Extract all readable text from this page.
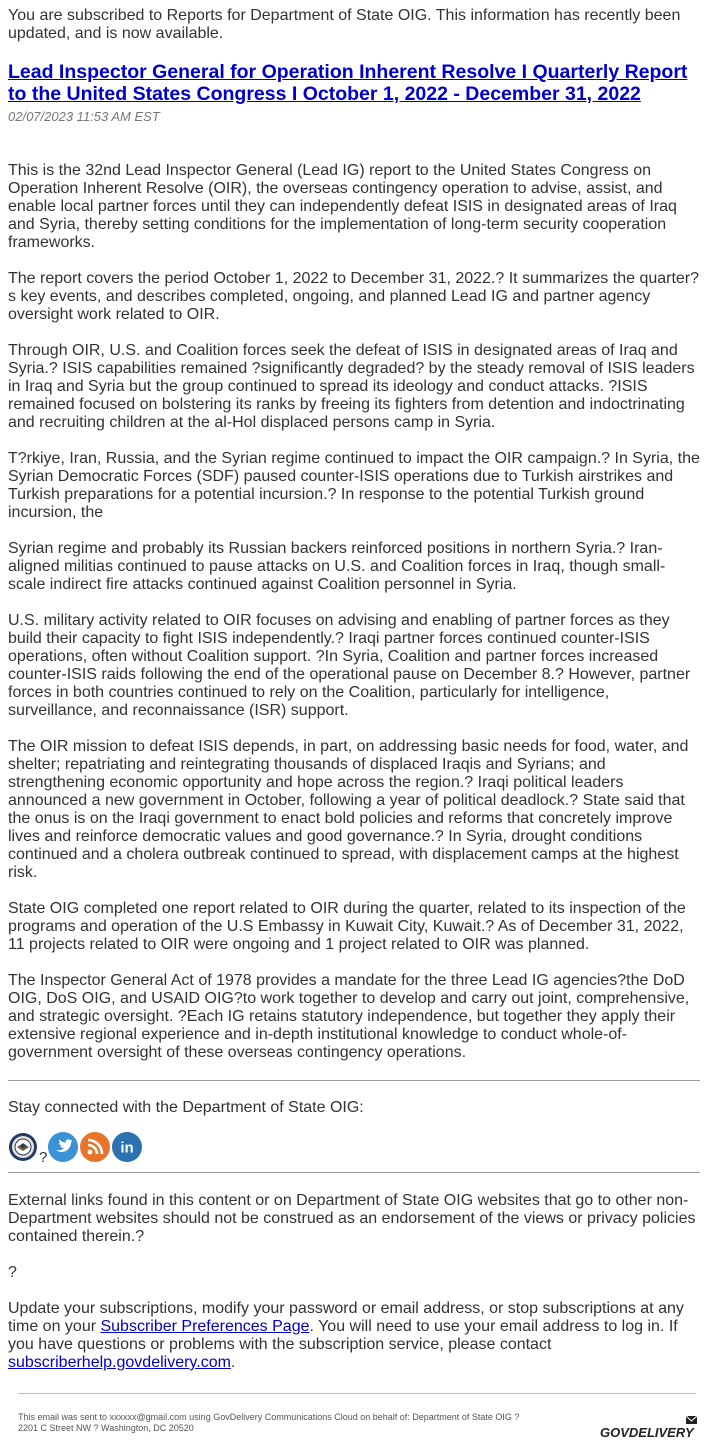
You are subscribed to Reports for Department of State OIG. This information has recently been updated, and is now available.

Lead Inspector General for Operation Inherent Resolve I Quarterly Report to the United States Congress I October 1, 2022 - December 31, 2022
02/07/2023 11:53 AM EST

This is the 32nd Lead Inspector General (Lead IG) report to the United States Congress on Operation Inherent Resolve (OIR), the overseas contingency operation to advise, assist, and enable local partner forces until they can independently defeat ISIS in designated areas of Iraq and Syria, thereby setting conditions for the implementation of long-term security cooperation frameworks.

The report covers the period October 1, 2022 to December 31, 2022.? It summarizes the quarter?s key events, and describes completed, ongoing, and planned Lead IG and partner agency oversight work related to OIR.

Through OIR, U.S. and Coalition forces seek the defeat of ISIS in designated areas of Iraq and Syria.? ISIS capabilities remained ?significantly degraded? by the steady removal of ISIS leaders in Iraq and Syria but the group continued to spread its ideology and conduct attacks. ?ISIS remained focused on bolstering its ranks by freeing its fighters from detention and indoctrinating and recruiting children at the al-Hol displaced persons camp in Syria.

T?rkiye, Iran, Russia, and the Syrian regime continued to impact the OIR campaign.? In Syria, the Syrian Democratic Forces (SDF) paused counter-ISIS operations due to Turkish airstrikes and Turkish preparations for a potential incursion.? In response to the potential Turkish ground incursion, the

Syrian regime and probably its Russian backers reinforced positions in northern Syria.? Iran-aligned militias continued to pause attacks on U.S. and Coalition forces in Iraq, though small-scale indirect fire attacks continued against Coalition personnel in Syria.

U.S. military activity related to OIR focuses on advising and enabling of partner forces as they build their capacity to fight ISIS independently.? Iraqi partner forces continued counter-ISIS operations, often without Coalition support. ?In Syria, Coalition and partner forces increased counter-ISIS raids following the end of the operational pause on December 8.? However, partner forces in both countries continued to rely on the Coalition, particularly for intelligence, surveillance, and reconnaissance (ISR) support.

The OIR mission to defeat ISIS depends, in part, on addressing basic needs for food, water, and shelter; repatriating and reintegrating thousands of displaced Iraqis and Syrians; and strengthening economic opportunity and hope across the region.? Iraqi political leaders announced a new government in October, following a year of political deadlock.? State said that the onus is on the Iraqi government to enact bold policies and reforms that concretely improve lives and reinforce democratic values and good governance.? In Syria, drought conditions continued and a cholera outbreak continued to spread, with displacement camps at the highest risk.

State OIG completed one report related to OIR during the quarter, related to its inspection of the programs and operation of the U.S Embassy in Kuwait City, Kuwait.? As of December 31, 2022, 11 projects related to OIR were ongoing and 1 project related to OIR was planned.

The Inspector General Act of 1978 provides a mandate for the three Lead IG agencies?the DoD OIG, DoS OIG, and USAID OIG?to work together to develop and carry out joint, comprehensive, and strategic oversight. ?Each IG retains statutory independence, but together they apply their extensive regional experience and in-depth institutional knowledge to conduct whole-of-government oversight of these overseas contingency operations.

Stay connected with the Department of State OIG:

?
in

External links found in this content or on Department of State OIG websites that go to other non-Department websites should not be construed as an endorsement of the views or privacy policies contained therein.?

?

Update your subscriptions, modify your password or email address, or stop subscriptions at any time on your Subscriber Preferences Page. You will need to use your email address to log in. If you have questions or problems with the subscription service, please contact subscriberhelp.govdelivery.com.

This email was sent to xxxxxx@gmail.com using GovDelivery Communications Cloud on behalf of: Department of State OIG ?
2201 C Street NW ? Washington, DC 20520	GOVDELIVERY
